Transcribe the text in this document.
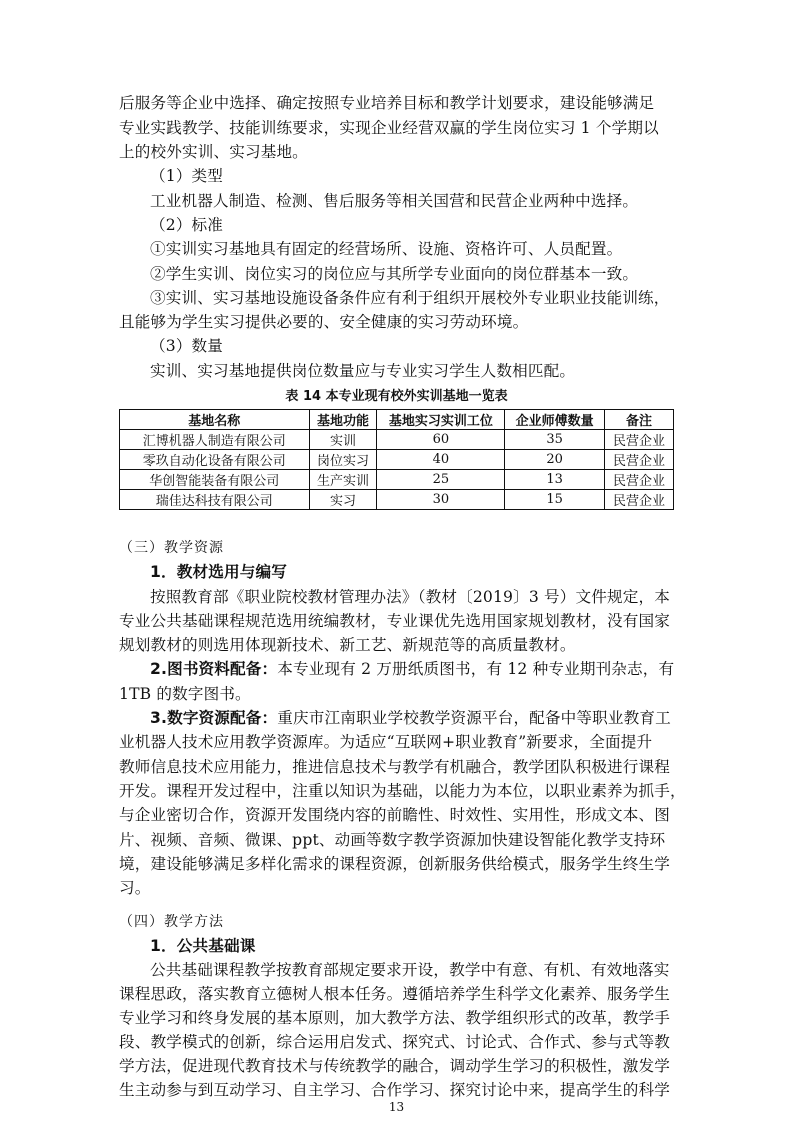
后服务等企业中选择、确定按照专业培养目标和教学计划要求，建设能够满足
专业实践教学、技能训练要求，实现企业经营双赢的学生岗位实习 1 个学期以
上的校外实训、实习基地。
（1）类型
工业机器人制造、检测、售后服务等相关国营和民营企业两种中选择。
（2）标准
①实训实习基地具有固定的经营场所、设施、资格许可、人员配置。
②学生实训、岗位实习的岗位应与其所学专业面向的岗位群基本一致。
③实训、实习基地设施设备条件应有利于组织开展校外专业职业技能训练，
且能够为学生实习提供必要的、安全健康的实习劳动环境。
（3）数量
实训、实习基地提供岗位数量应与专业实习学生人数相匹配。
表 14 本专业现有校外实训基地一览表
基地名称	基地功能	基地实习实训工位	企业师傅数量	备注
汇博机器人制造有限公司	实训	60	35	民营企业
零玖自动化设备有限公司	岗位实习	40	20	民营企业
华创智能装备有限公司	生产实训	25	13	民营企业
瑞佳达科技有限公司	实习	30	15	民营企业
（三）教学资源
1．教材选用与编写
按照教育部《职业院校教材管理办法》（教材〔2019〕3 号）文件规定，本
专业公共基础课程规范选用统编教材，专业课优先选用国家规划教材，没有国家
规划教材的则选用体现新技术、新工艺、新规范等的高质量教材。
2.图书资料配备：本专业现有 2 万册纸质图书，有 12 种专业期刊杂志，有
1TB 的数字图书。
3.数字资源配备：重庆市江南职业学校教学资源平台，配备中等职业教育工
业机器人技术应用教学资源库。为适应“互联网+职业教育”新要求，全面提升
教师信息技术应用能力，推进信息技术与教学有机融合，教学团队积极进行课程
开发。课程开发过程中，注重以知识为基础，以能力为本位，以职业素养为抓手，
与企业密切合作，资源开发围绕内容的前瞻性、时效性、实用性，形成文本、图
片、视频、音频、微课、ppt、动画等数字教学资源加快建设智能化教学支持环
境，建设能够满足多样化需求的课程资源，创新服务供给模式，服务学生终生学
习。
（四）教学方法
1．公共基础课
公共基础课程教学按教育部规定要求开设，教学中有意、有机、有效地落实
课程思政，落实教育立德树人根本任务。遵循培养学生科学文化素养、服务学生
专业学习和终身发展的基本原则，加大教学方法、教学组织形式的改革，教学手
段、教学模式的创新，综合运用启发式、探究式、讨论式、合作式、参与式等教
学方法，促进现代教育技术与传统教学的融合，调动学生学习的积极性，激发学
生主动参与到互动学习、自主学习、合作学习、探究讨论中来，提高学生的科学
13
